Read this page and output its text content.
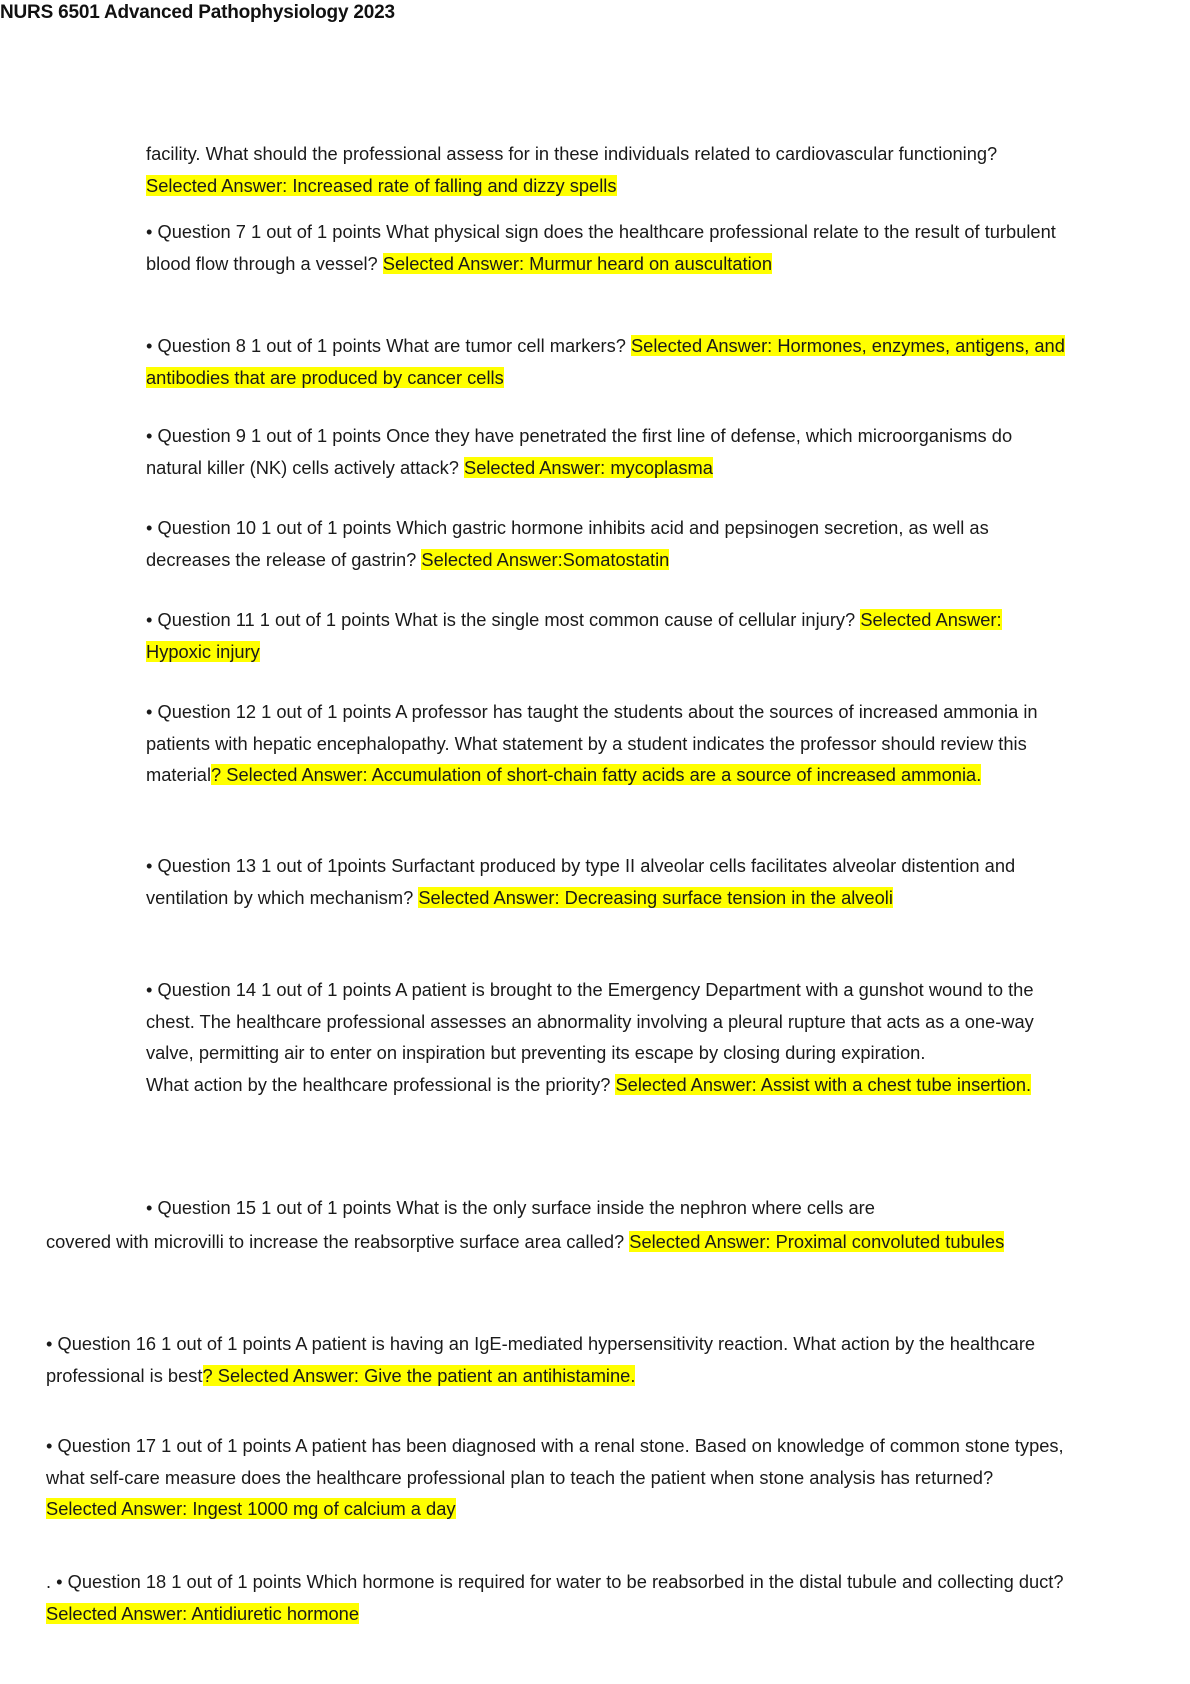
NURS 6501 Advanced Pathophysiology 2023

facility. What should the professional assess for in these individuals related to cardiovascular functioning? Selected Answer: Increased rate of falling and dizzy spells

• Question 7 1 out of 1 points What physical sign does the healthcare professional relate to the result of turbulent blood flow through a vessel? Selected Answer: Murmur heard on auscultation

• Question 8 1 out of 1 points What are tumor cell markers? Selected Answer: Hormones, enzymes, antigens, and antibodies that are produced by cancer cells

• Question 9 1 out of 1 points Once they have penetrated the first line of defense, which microorganisms do natural killer (NK) cells actively attack? Selected Answer: mycoplasma

• Question 10 1 out of 1 points Which gastric hormone inhibits acid and pepsinogen secretion, as well as decreases the release of gastrin? Selected Answer:Somatostatin

• Question 11 1 out of 1 points What is the single most common cause of cellular injury? Selected Answer: Hypoxic injury

• Question 12 1 out of 1 points A professor has taught the students about the sources of increased ammonia in patients with hepatic encephalopathy. What statement by a student indicates the professor should review this material? Selected Answer: Accumulation of short-chain fatty acids are a source of increased ammonia.

• Question 13 1 out of 1points Surfactant produced by type II alveolar cells facilitates alveolar distention and ventilation by which mechanism? Selected Answer: Decreasing surface tension in the alveoli

• Question 14 1 out of 1 points A patient is brought to the Emergency Department with a gunshot wound to the chest. The healthcare professional assesses an abnormality involving a pleural rupture that acts as a one-way valve, permitting air to enter on inspiration but preventing its escape by closing during expiration.
What action by the healthcare professional is the priority? Selected Answer: Assist with a chest tube insertion.

• Question 15 1 out of 1 points What is the only surface inside the nephron where cells are

covered with microvilli to increase the reabsorptive surface area called? Selected Answer: Proximal convoluted tubules

• Question 16 1 out of 1 points A patient is having an IgE-mediated hypersensitivity reaction. What action by the healthcare professional is best? Selected Answer: Give the patient an antihistamine.

• Question 17 1 out of 1 points A patient has been diagnosed with a renal stone. Based on knowledge of common stone types, what self-care measure does the healthcare professional plan to teach the patient when stone analysis has returned? Selected Answer: Ingest 1000 mg of calcium a day

. • Question 18 1 out of 1 points Which hormone is required for water to be reabsorbed in the distal tubule and collecting duct? Selected Answer: Antidiuretic hormone
